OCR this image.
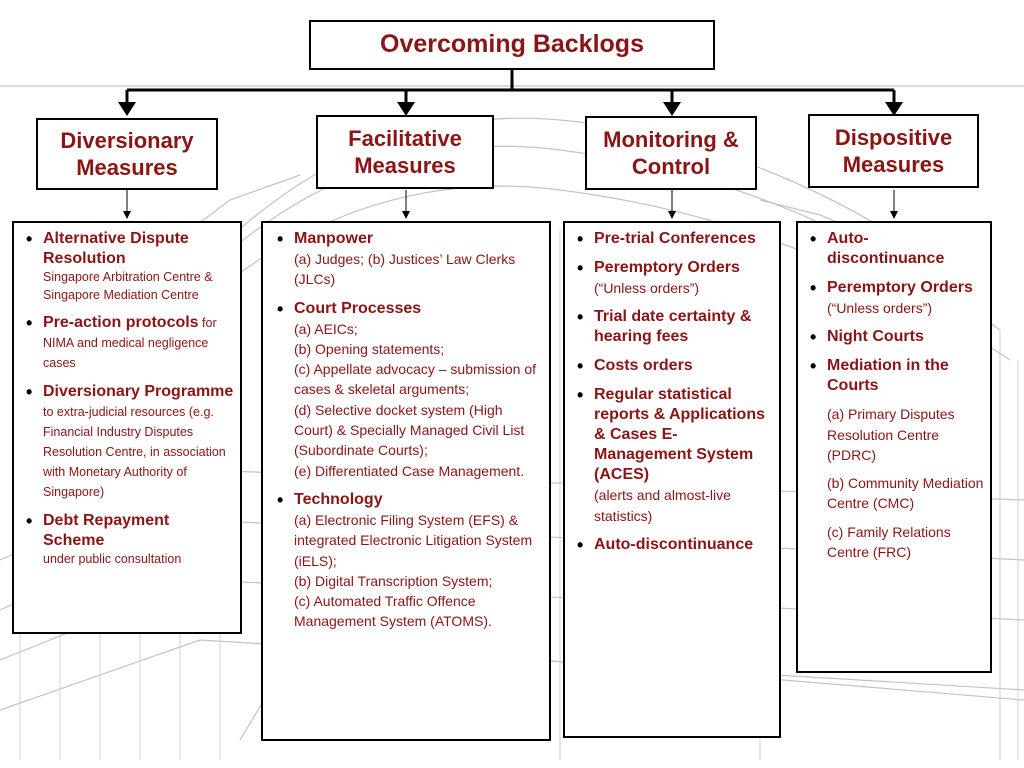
Overcoming Backlogs
Diversionary Measures
Facilitative Measures
Monitoring & Control
Dispositive Measures
• Alternative Dispute Resolution
Singapore Arbitration Centre & Singapore Mediation Centre
• Pre-action protocols for NIMA and medical negligence cases
• Diversionary Programme to extra-judicial resources (e.g. Financial Industry Disputes Resolution Centre, in association with Monetary Authority of Singapore)
• Debt Repayment Scheme
under public consultation
• Manpower
(a) Judges; (b) Justices’ Law Clerks (JLCs)
• Court Processes
(a) AEICs;
(b) Opening statements;
(c) Appellate advocacy – submission of cases & skeletal arguments;
(d) Selective docket system (High Court) & Specially Managed Civil List (Subordinate Courts);
(e) Differentiated Case Management.
• Technology
(a) Electronic Filing System (EFS) & integrated Electronic Litigation System (iELS);
(b) Digital Transcription System;
(c) Automated Traffic Offence Management System (ATOMS).
• Pre-trial Conferences
• Peremptory Orders
(“Unless orders”)
• Trial date certainty & hearing fees
• Costs orders
• Regular statistical reports & Applications & Cases E-Management System (ACES)
(alerts and almost-live statistics)
• Auto-discontinuance
• Auto-discontinuance
• Peremptory Orders
(“Unless orders”)
• Night Courts
• Mediation in the Courts
(a) Primary Disputes Resolution Centre (PDRC)
(b) Community Mediation Centre (CMC)
(c) Family Relations Centre (FRC)
